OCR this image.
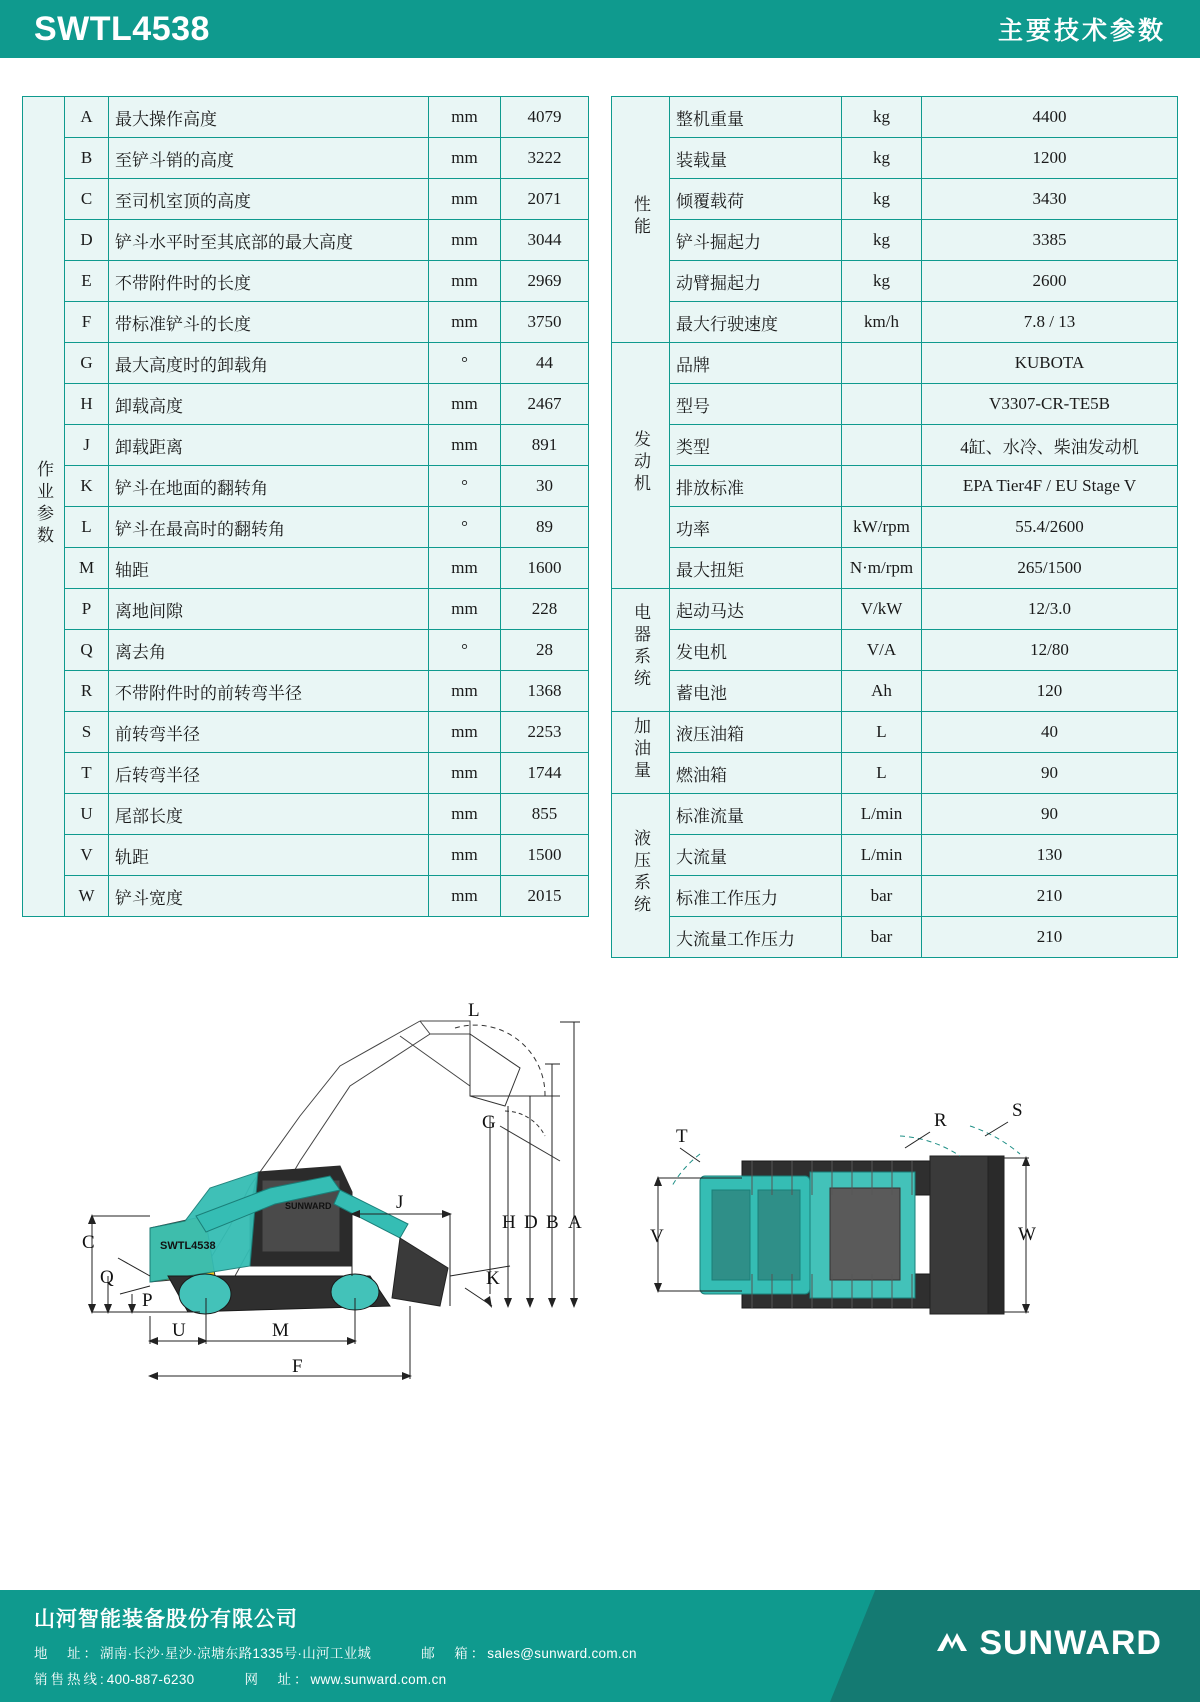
SWTL4538	主要技术参数
作业参数	A	最大操作高度	mm	4079
	B	至铲斗销的高度	mm	3222
	C	至司机室顶的高度	mm	2071
	D	铲斗水平时至其底部的最大高度	mm	3044
	E	不带附件时的长度	mm	2969
	F	带标准铲斗的长度	mm	3750
	G	最大高度时的卸载角	°	44
	H	卸载高度	mm	2467
	J	卸载距离	mm	891
	K	铲斗在地面的翻转角	°	30
	L	铲斗在最高时的翻转角	°	89
	M	轴距	mm	1600
	P	离地间隙	mm	228
	Q	离去角	°	28
	R	不带附件时的前转弯半径	mm	1368
	S	前转弯半径	mm	2253
	T	后转弯半径	mm	1744
	U	尾部长度	mm	855
	V	轨距	mm	1500
	W	铲斗宽度	mm	2015
性能	整机重量	kg	4400
	装载量	kg	1200
	倾覆载荷	kg	3430
	铲斗掘起力	kg	3385
	动臂掘起力	kg	2600
	最大行驶速度	km/h	7.8 / 13
发动机	品牌		KUBOTA
	型号		V3307-CR-TE5B
	类型		4缸、水冷、柴油发动机
	排放标准		EPA Tier4F / EU Stage V
	功率	kW/rpm	55.4/2600
	最大扭矩	N·m/rpm	265/1500
电器系统	起动马达	V/kW	12/3.0
	发电机	V/A	12/80
	蓄电池	Ah	120
加油量	液压油箱	L	40
	燃油箱	L	90
液压系统	标准流量	L/min	90
	大流量	L/min	130
	标准工作压力	bar	210
	大流量工作压力	bar	210
SWTL4538
SUNWARD
L
G
J
H D B A
C
Q
P
U	M
K
F
T
R	S
V	W
山河智能装备股份有限公司
地　址：湖南·长沙·星沙·凉塘东路1335号·山河工业城	邮　箱：sales@sunward.com.cn
销售热线:400-887-6230	网　址：www.sunward.com.cn
SUNWARD
